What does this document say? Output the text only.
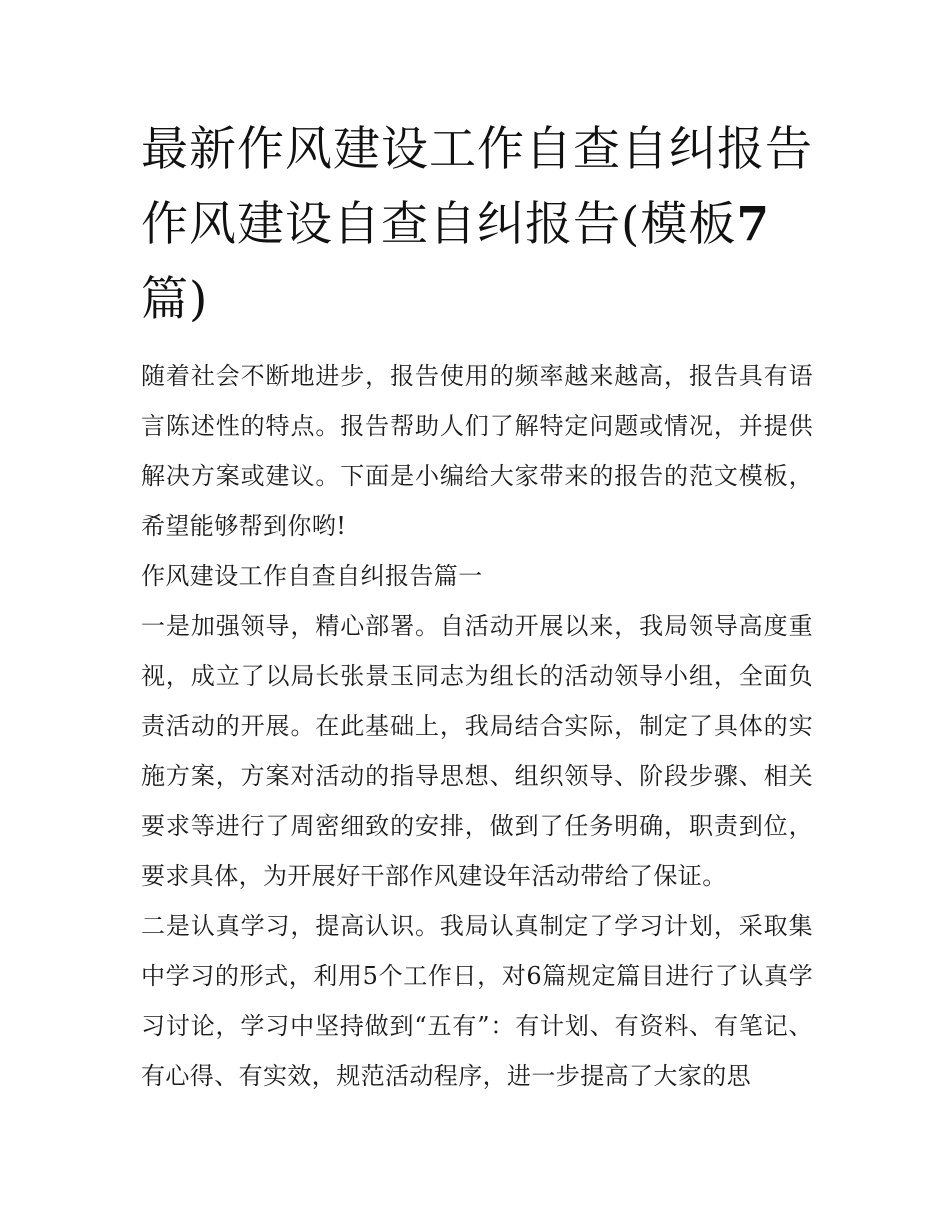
最新作风建设工作自查自纠报告 作风建设自查自纠报告(模板7篇)

随着社会不断地进步，报告使用的频率越来越高，报告具有语言陈述性的特点。报告帮助人们了解特定问题或情况，并提供解决方案或建议。下面是小编给大家带来的报告的范文模板，希望能够帮到你哟!

作风建设工作自查自纠报告篇一

一是加强领导，精心部署。自活动开展以来，我局领导高度重视，成立了以局长张景玉同志为组长的活动领导小组，全面负责活动的开展。在此基础上，我局结合实际，制定了具体的实施方案，方案对活动的指导思想、组织领导、阶段步骤、相关要求等进行了周密细致的安排，做到了任务明确，职责到位，要求具体，为开展好干部作风建设年活动带给了保证。

二是认真学习，提高认识。我局认真制定了学习计划，采取集中学习的形式，利用5个工作日，对6篇规定篇目进行了认真学习讨论，学习中坚持做到“五有”：有计划、有资料、有笔记、有心得、有实效，规范活动程序，进一步提高了大家的思
